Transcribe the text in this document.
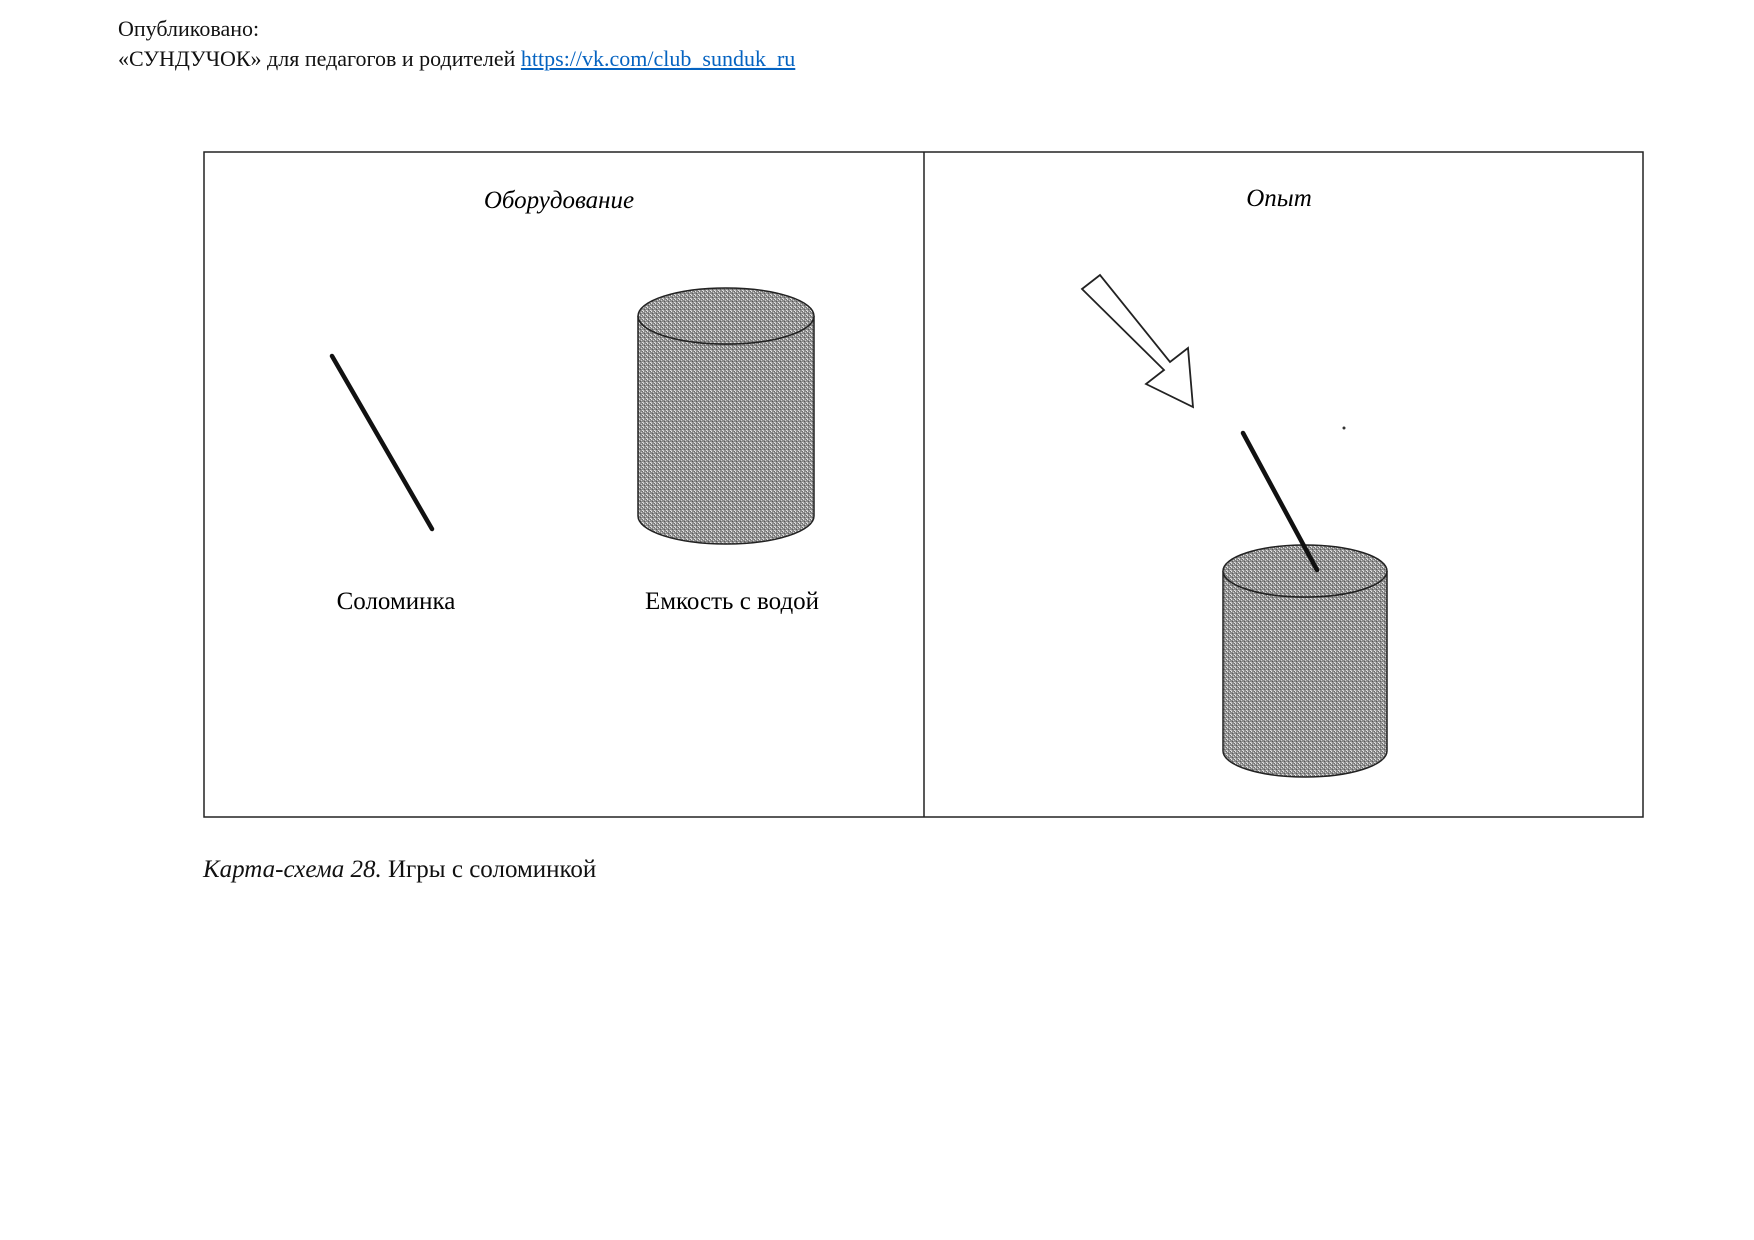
Опубликовано:
«СУНДУЧОК» для педагогов и родителей https://vk.com/club_sunduk_ru
Оборудование
Соломинка	Емкость с водой
Опыт
Карта-схема 28. Игры с соломинкой
